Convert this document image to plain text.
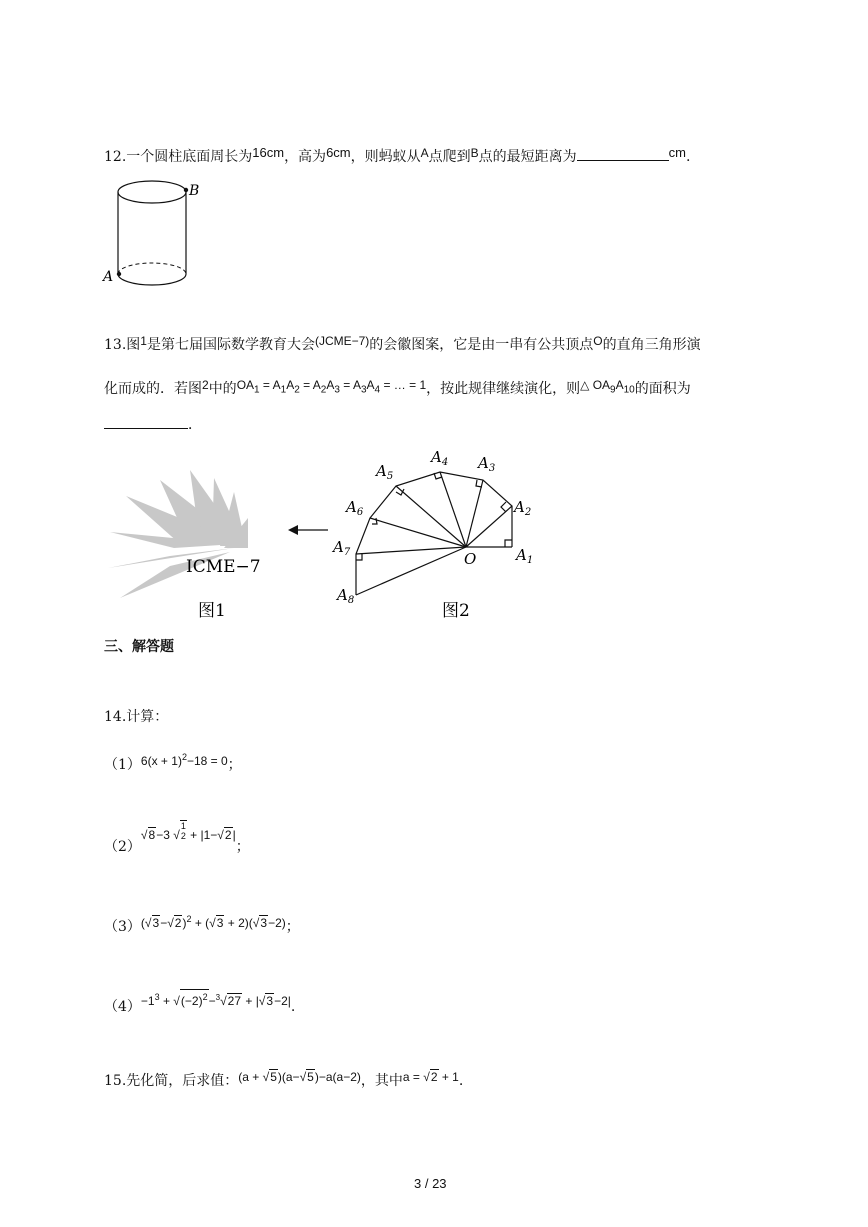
12.一个圆柱底面周长为16cm，高为6cm，则蚂蚁从A点爬到B点的最短距离为	cm.
B
A
13.图1是第七届国际数学教育大会(JCME−7)的会徽图案，它是由一串有公共顶点O的直角三角形演
化而成的．若图2中的$OA_1 = A_1A_2 = A_2A_3 = A_3A_4$ = … = 1，按此规律继续演化，则△ $OA_9A_{10}$的面积为
．
ICME−7
图1
$A_1$
$A_2$
$A_3$
$A_4$
$A_5$
$A_6$
$A_7$
$A_8$
O
图2
三、解答题
14.计算：
$(1)6(x + 1)^2-18 = 0$；
（2）√8−3 √1
2 + |1−√2|；
$(3)(√3-√2)^2 + (√3 + 2)(√3-2)$；
$(4)-1^3 + √(-2)^2-^3√27 + |√3-2|$.
15.先化简，后求值：(a + √5)(a−√5)−a(a−2)，其中a = √2 + 1.
3 / 23
